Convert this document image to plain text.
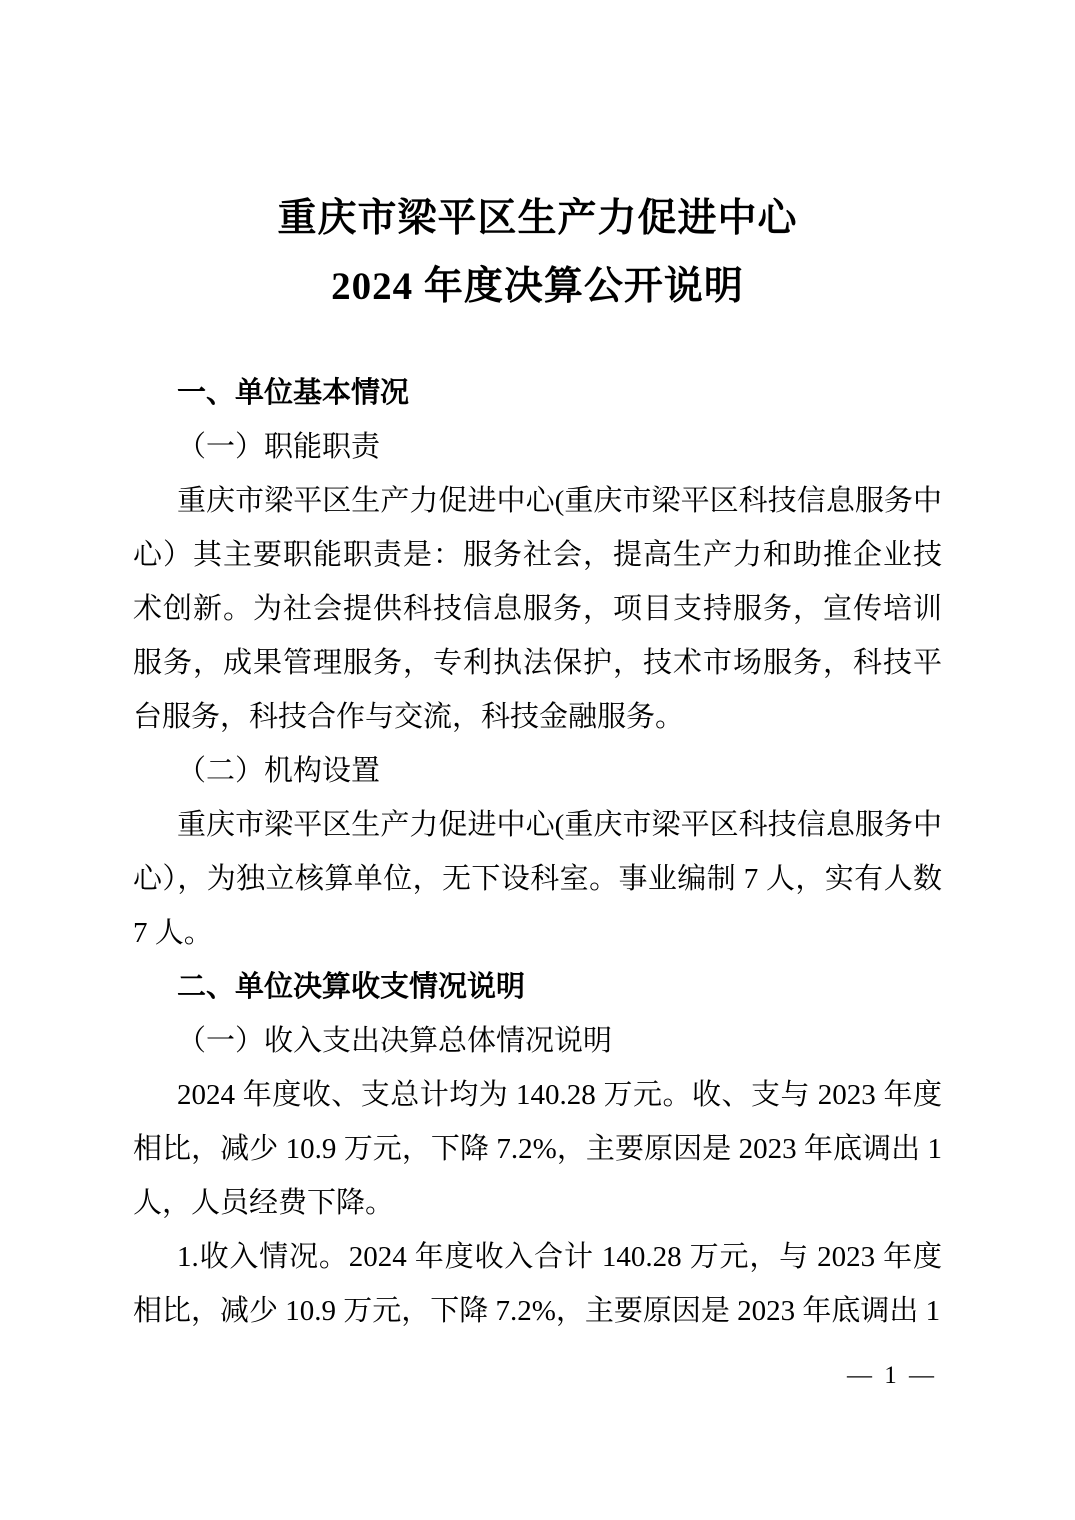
重庆市梁平区生产力促进中心
2024 年度决算公开说明
一、单位基本情况
（一）职能职责

重庆市梁平区生产力促进中心(重庆市梁平区科技信息服务中心）其主要职能职责是：服务社会，提高生产力和助推企业技术创新。为社会提供科技信息服务，项目支持服务，宣传培训服务，成果管理服务，专利执法保护，技术市场服务，科技平台服务，科技合作与交流，科技金融服务。

（二）机构设置

重庆市梁平区生产力促进中心(重庆市梁平区科技信息服务中心），为独立核算单位，无下设科室。事业编制 7 人，实有人数 7 人。

二、单位决算收支情况说明
（一）收入支出决算总体情况说明

2024 年度收、支总计均为 140.28 万元。收、支与 2023 年度相比，减少 10.9 万元，下降 7.2%，主要原因是 2023 年底调出 1 人，人员经费下降。

1.收入情况。2024 年度收入合计 140.28 万元，与 2023 年度相比，减少 10.9 万元，下降 7.2%，主要原因是 2023 年底调出 1

— 1 —
